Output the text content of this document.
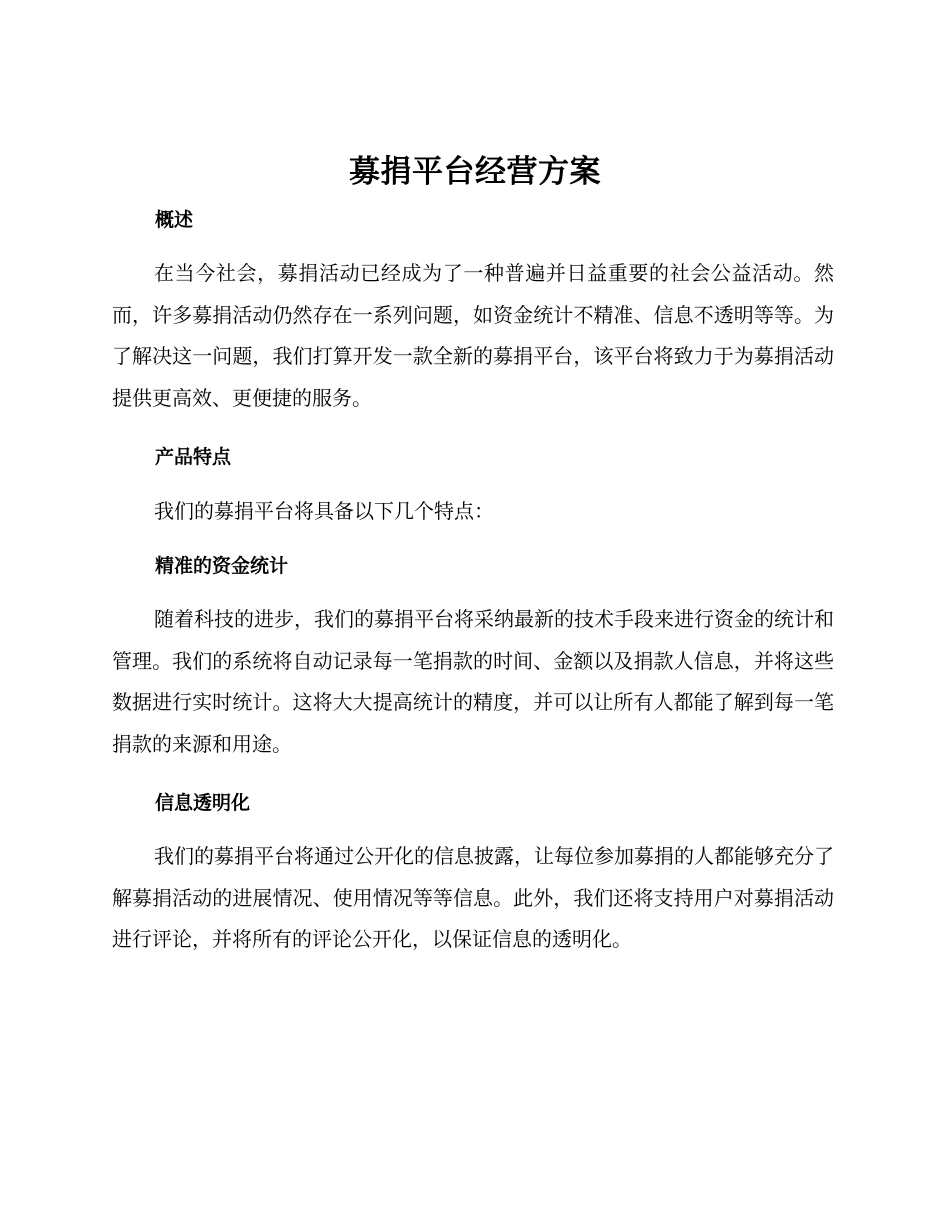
募捐平台经营方案
概述

在当今社会，募捐活动已经成为了一种普遍并日益重要的社会公益活动。然而，许多募捐活动仍然存在一系列问题，如资金统计不精准、信息不透明等等。为了解决这一问题，我们打算开发一款全新的募捐平台，该平台将致力于为募捐活动提供更高效、更便捷的服务。

产品特点

我们的募捐平台将具备以下几个特点：

精准的资金统计

随着科技的进步，我们的募捐平台将采纳最新的技术手段来进行资金的统计和管理。我们的系统将自动记录每一笔捐款的时间、金额以及捐款人信息，并将这些数据进行实时统计。这将大大提高统计的精度，并可以让所有人都能了解到每一笔捐款的来源和用途。

信息透明化

我们的募捐平台将通过公开化的信息披露，让每位参加募捐的人都能够充分了解募捐活动的进展情况、使用情况等等信息。此外，我们还将支持用户对募捐活动进行评论，并将所有的评论公开化，以保证信息的透明化。
